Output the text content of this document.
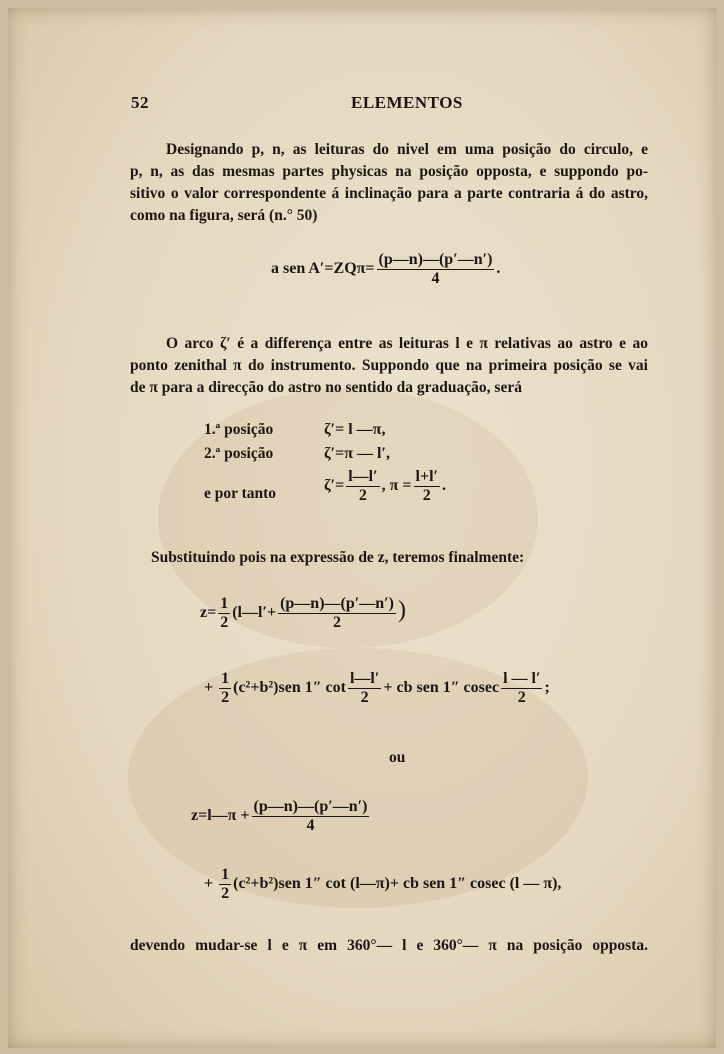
52	ELEMENTOS
Designando p, n, as leituras do nivel em uma posição do circulo, e
p, n, as das mesmas partes physicas na posição opposta, e suppondo po-
sitivo o valor correspondente á inclinação para a parte contraria á do astro,
como na figura, será (n.° 50)
a sen $A'=ZQ\pi= \frac{(p—n)—(p'—n')}{4}$ .
O arco ζ′ é a differença entre as leituras l e π relativas ao astro e ao
ponto zenithal π do instrumento. Suppondo que na primeira posição se vai
de π para a direcção do astro no sentido da graduação, será
1.ª posição	ζ′= l —π,
2.ª posição	ζ′=π — l′,
e por tanto	$\zeta'= \frac{l—l'}{2}$ , $\pi = \frac{l+l'}{2}$ .
Substituindo pois na expressão de z, teremos finalmente:
$z= \frac{1}{2}$ (l—l′+ $\frac{(p—n)—(p'—n')}{2}$ )
+ $\frac{1}{2} (c^2+b^2)sen$ 1″ $\cot \frac{l—l'}{2}$ + cb sen 1″ cosec $\frac{l — l'}{2}$ ;
ou
z=l—π + $\frac{(p—n)—(p'—n')}{4}$
+ $\frac{1}{2} (c^2+b^2)sen$ 1″ cot (l—π)+ cb sen 1″ cosec (l — π),
devendo mudar-se l e π em 360°— l e 360°— π na posição opposta.
